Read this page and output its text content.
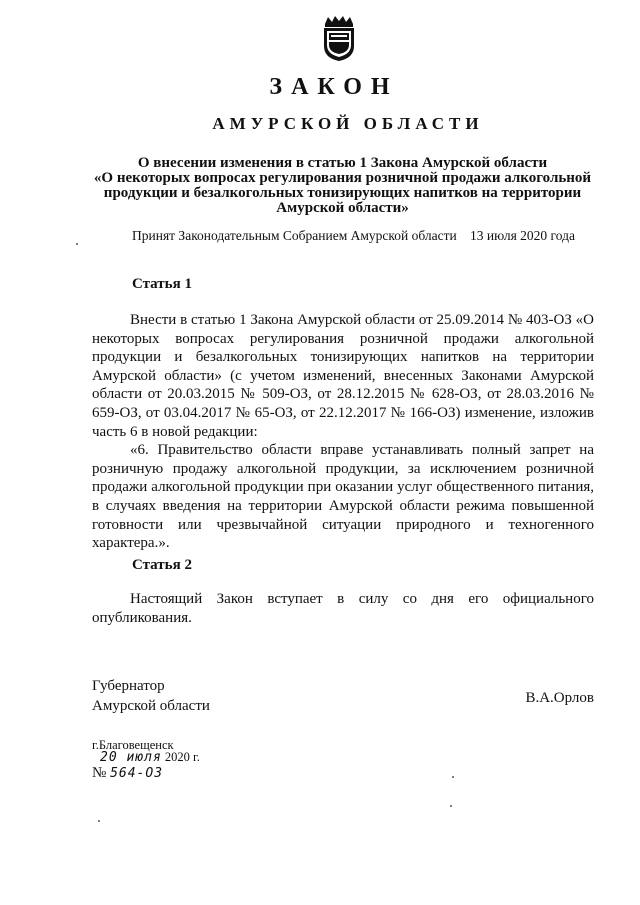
ЗАКОН
АМУРСКОЙ ОБЛАСТИ
О внесении изменения в статью 1 Закона Амурской области
«О некоторых вопросах регулирования розничной продажи алкогольной
продукции и безалкогольных тонизирующих напитков на территории
Амурской области»
Принят Законодательным Собранием Амурской области 13 июля 2020 года
Статья 1

Внести в статью 1 Закона Амурской области от 25.09.2014 № 403-ОЗ «О некоторых вопросах регулирования розничной продажи алкогольной продукции и безалкогольных тонизирующих напитков на территории Амурской области» (с учетом изменений, внесенных Законами Амурской области от 20.03.2015 № 509-ОЗ, от 28.12.2015 № 628-ОЗ, от 28.03.2016 № 659-ОЗ, от 03.04.2017 № 65-ОЗ, от 22.12.2017 № 166-ОЗ) изменение, изложив часть 6 в новой редакции:

«6. Правительство области вправе устанавливать полный запрет на розничную продажу алкогольной продукции, за исключением розничной продажи алкогольной продукции при оказании услуг общественного питания, в случаях введения на территории Амурской области режима повышенной готовности или чрезвычайной ситуации природного и техногенного характера.».

Статья 2

Настоящий Закон вступает в силу со дня его официального опубликования.

Губернатор
Амурской области	В.А.Орлов
г.Благовещенск
20 июля 2020 г.
№ 564-ОЗ
